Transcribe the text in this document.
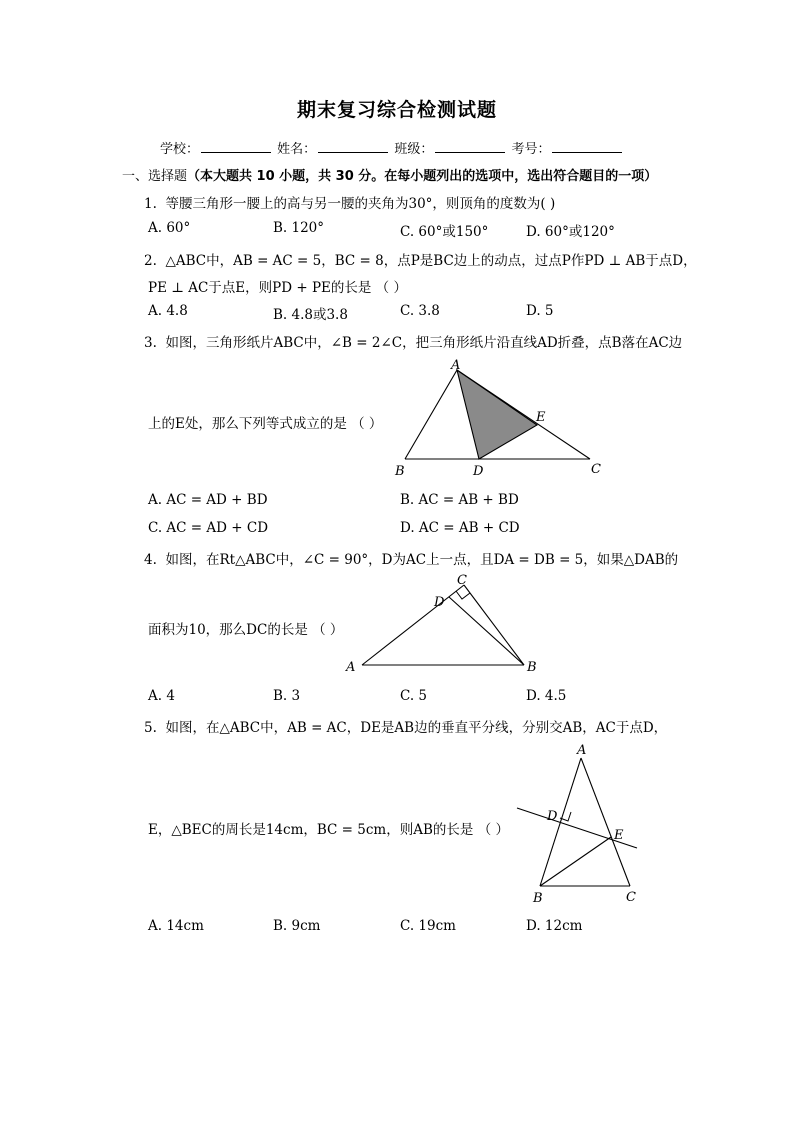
期末复习综合检测试题
学校：	姓名：	班级：	考号：
一、选择题（本大题共 10 小题，共 30 分。在每小题列出的选项中，选出符合题目的一项）
1. 等腰三角形一腰上的高与另一腰的夹角为30°，则顶角的度数为( )
A. 60°	B. 120°	C. 60°或150°	D. 60°或120°
2. △ABC中，AB = AC = 5，BC = 8，点P是BC边上的动点，过点P作PD ⊥ AB于点D，
PE ⊥ AC于点E，则PD + PE的长是 （ ）
A. 4.8	B. 4.8或3.8	C. 3.8	D. 5
3. 如图，三角形纸片ABC中，∠B = 2∠C，把三角形纸片沿直线AD折叠，点B落在AC边
上的E处，那么下列等式成立的是 （ ）
A
B	D	C
E
A. AC = AD + BD	B. AC = AB + BD
C. AC = AD + CD	D. AC = AB + CD
4. 如图，在Rt△ABC中，∠C = 90°，D为AC上一点，且DA = DB = 5，如果△DAB的
面积为10，那么DC的长是 （ ）
A	B
C
D
A. 4	B. 3	C. 5	D. 4.5
5. 如图，在△ABC中，AB = AC，DE是AB边的垂直平分线，分别交AB，AC于点D，
E，△BEC的周长是14cm，BC = 5cm，则AB的长是 （ ）
A
B	C
D
E
A. 14cm	B. 9cm	C. 19cm	D. 12cm
